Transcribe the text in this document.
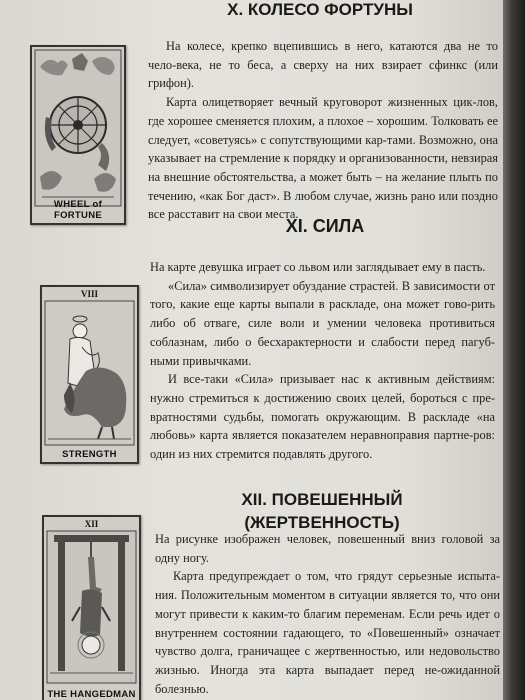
X. КОЛЕСО ФОРТУНЫ
WHEEL of FORTUNE

На колесе, крепко вцепившись в него, катаются два не то чело-века, не то беса, а сверху на них взирает сфинкс (или грифон).

Карта олицетворяет вечный круговорот жизненных цик-лов, где хорошее сменяется плохим, а плохое – хорошим. Толковать ее следует, «советуясь» с сопутствующими кар-тами. Возможно, она указывает на стремление к порядку и организованности, невзирая на внешние обстоятельства, а может быть – на желание плыть по течению, «как Бог даст». В любом случае, жизнь рано или поздно все расставит на свои места.

XI. СИЛА
VIII
STRENGTH

На карте девушка играет со львом или заглядывает ему в пасть.

«Сила» символизирует обуздание страстей. В зависимости от того, какие еще карты выпали в раскладе, она может гово-рить либо об отваге, силе воли и умении человека противиться соблазнам, либо о бесхарактерности и слабости перед пагуб-ными привычками.

И все-таки «Сила» призывает нас к активным действиям: нужно стремиться к достижению своих целей, бороться с пре-вратностями судьбы, помогать окружающим. В раскладе «на любовь» карта является показателем неравноправия партне-ров: один из них стремится подавлять другого.

XII. ПОВЕШЕННЫЙ
(ЖЕРТВЕННОСТЬ)
XII
THE HANGEDMAN

На рисунке изображен человек, повешенный вниз головой за одну ногу.

Карта предупреждает о том, что грядут серьезные испыта-ния. Положительным моментом в ситуации является то, что они могут привести к каким-то благим переменам. Если речь идет о внутреннем состоянии гадающего, то «Повешенный» означает чувство долга, граничащее с жертвенностью, или недовольство жизнью. Иногда эта карта выпадает перед не-ожиданной болезнью.
